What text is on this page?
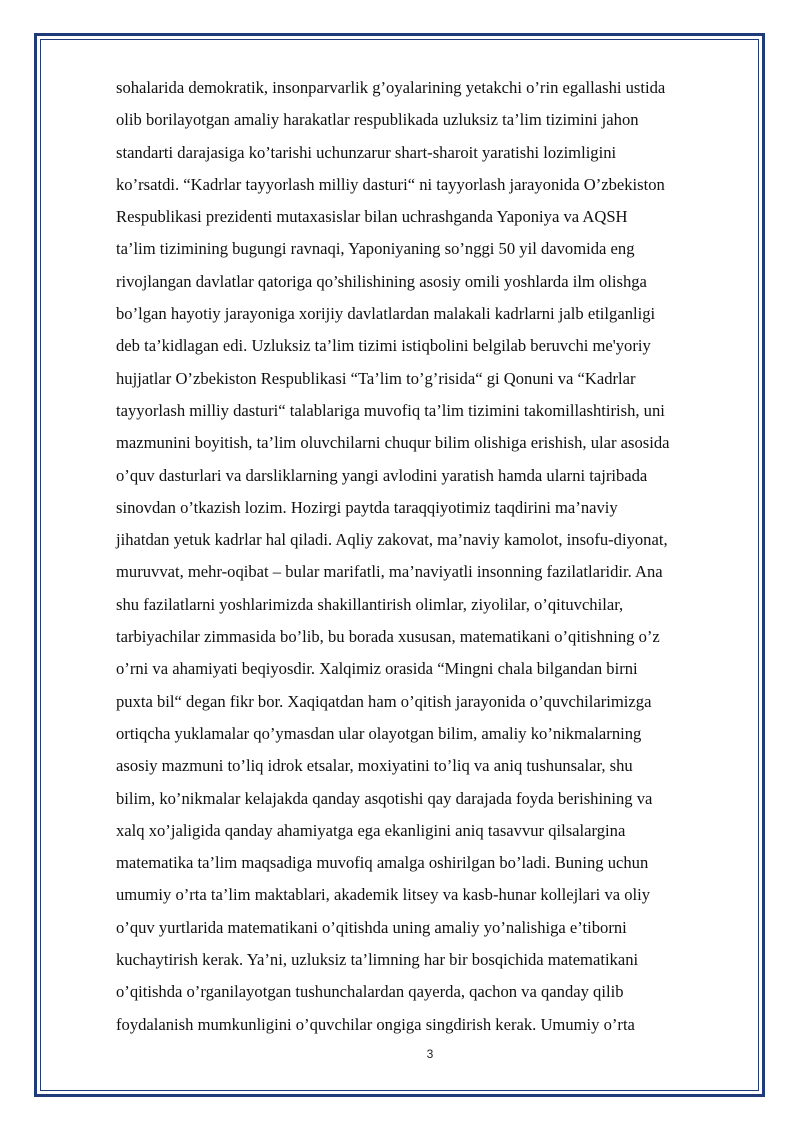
sohalarida demokratik, insonparvarlik g’oyalarining yetakchi o’rin egallashi ustida
olib borilayotgan amaliy harakatlar respublikada uzluksiz ta’lim tizimini jahon
standarti darajasiga ko’tarishi uchunzarur shart-sharoit yaratishi lozimligini
ko’rsatdi. “Kadrlar tayyorlash milliy dasturi“ ni tayyorlash jarayonida O’zbekiston
Respublikasi prezidenti mutaxasislar bilan uchrashganda Yaponiya va AQSH
ta’lim tizimining bugungi ravnaqi, Yaponiyaning so’nggi 50 yil davomida eng
rivojlangan davlatlar qatoriga qo’shilishining asosiy omili yoshlarda ilm olishga
bo’lgan hayotiy jarayoniga xorijiy davlatlardan malakali kadrlarni jalb etilganligi
deb ta’kidlagan edi. Uzluksiz ta’lim tizimi istiqbolini belgilab beruvchi me'yoriy
hujjatlar O’zbekiston Respublikasi “Ta’lim to’g’risida“ gi Qonuni va “Kadrlar
tayyorlash milliy dasturi“ talablariga muvofiq ta’lim tizimini takomillashtirish, uni
mazmunini boyitish, ta’lim oluvchilarni chuqur bilim olishiga erishish, ular asosida
o’quv dasturlari va darsliklarning yangi avlodini yaratish hamda ularni tajribada
sinovdan o’tkazish lozim. Hozirgi paytda taraqqiyotimiz taqdirini ma’naviy
jihatdan yetuk kadrlar hal qiladi. Aqliy zakovat, ma’naviy kamolot, insofu-diyonat,
muruvvat, mehr-oqibat – bular marifatli, ma’naviyatli insonning fazilatlaridir. Ana
shu fazilatlarni yoshlarimizda shakillantirish olimlar, ziyolilar, o’qituvchilar,
tarbiyachilar zimmasida bo’lib, bu borada xususan, matematikani o’qitishning o’z
o’rni va ahamiyati beqiyosdir. Xalqimiz orasida “Mingni chala bilgandan birni
puxta bil“ degan fikr bor. Xaqiqatdan ham o’qitish jarayonida o’quvchilarimizga
ortiqcha yuklamalar qo’ymasdan ular olayotgan bilim, amaliy ko’nikmalarning
asosiy mazmuni to’liq idrok etsalar, moxiyatini to’liq va aniq tushunsalar, shu
bilim, ko’nikmalar kelajakda qanday asqotishi qay darajada foyda berishining va
xalq xo’jaligida qanday ahamiyatga ega ekanligini aniq tasavvur qilsalargina
matematika ta’lim maqsadiga muvofiq amalga oshirilgan bo’ladi. Buning uchun
umumiy o’rta ta’lim maktablari, akademik litsey va kasb-hunar kollejlari va oliy
o’quv yurtlarida matematikani o’qitishda uning amaliy yo’nalishiga e’tiborni
kuchaytirish kerak. Ya’ni, uzluksiz ta’limning har bir bosqichida matematikani
o’qitishda o’rganilayotgan tushunchalardan qayerda, qachon va qanday qilib
foydalanish mumkunligini o’quvchilar ongiga singdirish kerak. Umumiy o’rta
3
